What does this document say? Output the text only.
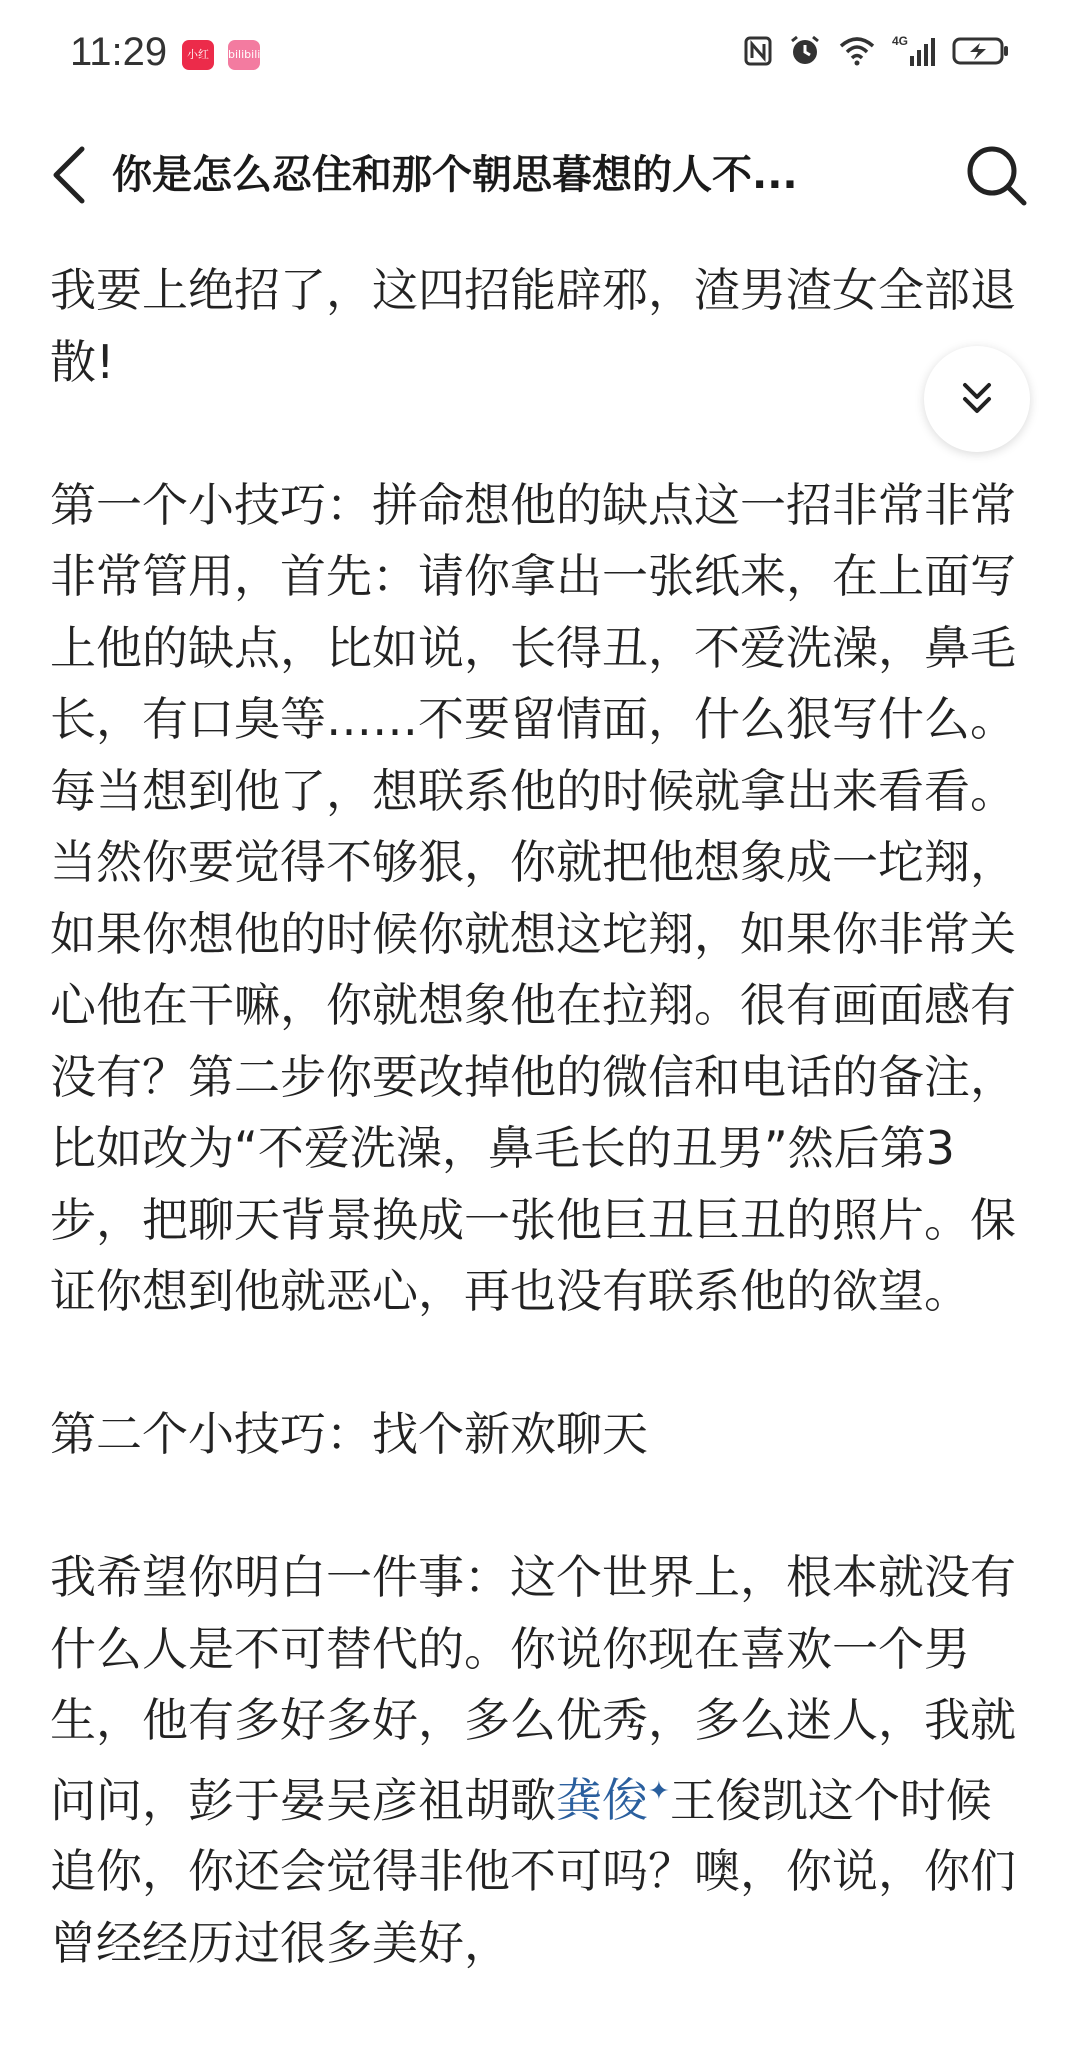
11:29	小红书
bilibili
4G
你是怎么忍住和那个朝思暮想的人不...

我要上绝招了，这四招能辟邪，渣男渣女全部退散!

第一个小技巧：拼命想他的缺点这一招非常非常非常管用，首先：请你拿出一张纸来，在上面写上他的缺点，比如说，长得丑，不爱洗澡，鼻毛长，有口臭等……不要留情面，什么狠写什么。每当想到他了，想联系他的时候就拿出来看看。当然你要觉得不够狠，你就把他想象成一坨翔，如果你想他的时候你就想这坨翔，如果你非常关心他在干嘛，你就想象他在拉翔。很有画面感有没有？第二步你要改掉他的微信和电话的备注，比如改为“不爱洗澡，鼻毛长的丑男”然后第3步，把聊天背景换成一张他巨丑巨丑的照片。保证你想到他就恶心，再也没有联系他的欲望。

第二个小技巧：找个新欢聊天

我希望你明白一件事：这个世界上，根本就没有什么人是不可替代的。你说你现在喜欢一个男生，他有多好多好，多么优秀，多么迷人，我就问问，彭于晏吴彦祖胡歌龚俊✦王俊凯这个时候追你，你还会觉得非他不可吗？噢，你说，你们曾经经历过很多美好，
